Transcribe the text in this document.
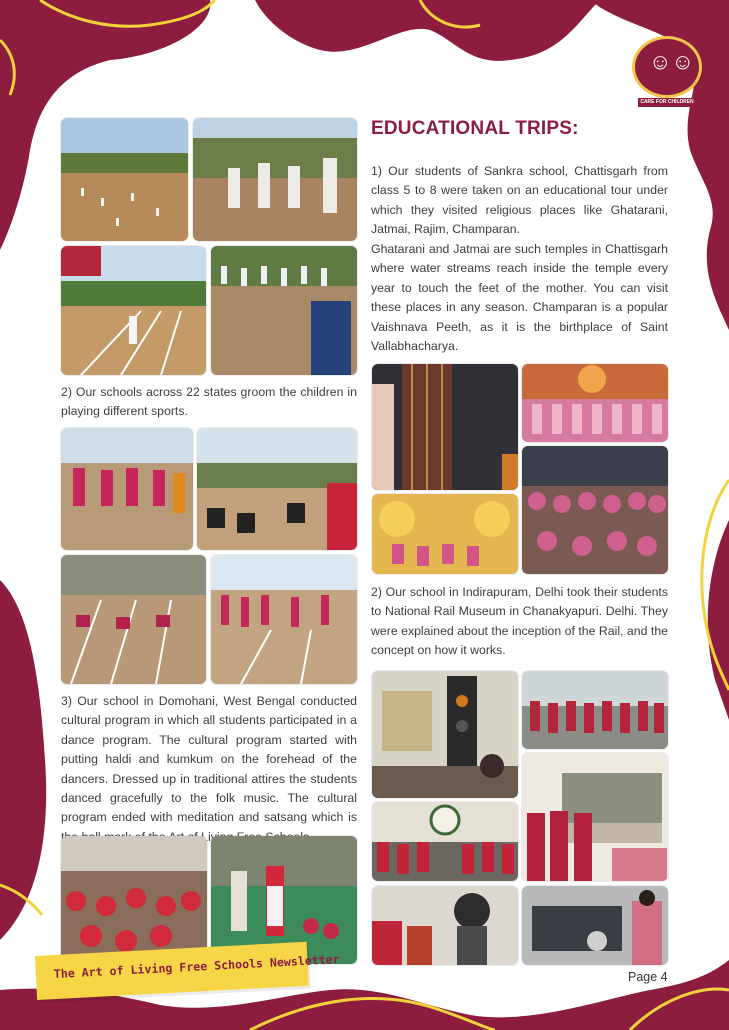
☺☺
CARE FOR CHILDREN
2) Our schools across 22 states groom the children in playing different sports.
3) Our school in Domohani, West Bengal conducted cultural program in which all students participated in a dance program. The cultural program started with putting haldi and kumkum on the forehead of the dancers. Dressed up in traditional attires the students danced gracefully to the folk music. The cultural program ended with meditation and satsang which is
EDUCATIONAL TRIPS:
1) Our students of Sankra school, Chattisgarh from class 5 to 8 were taken on an educational tour under which they visited religious places like Ghatarani, Jatmai, Rajim, Champaran.
Ghatarani and Jatmai are such temples in Chattisgarh where water streams reach inside the temple every year to touch the feet of the mother. You can visit these places in any season. Champaran is a popular Vaishnava Peeth, as it is the birthplace of Saint Vallabhacharya.
2) Our school in Indirapuram, Delhi took their students to National Rail Museum in Chanakyapuri. Delhi. They were explained about the inception of the Rail, and the concept on how it works.
The Art of Living Free Schools Newsletter	Page 4
